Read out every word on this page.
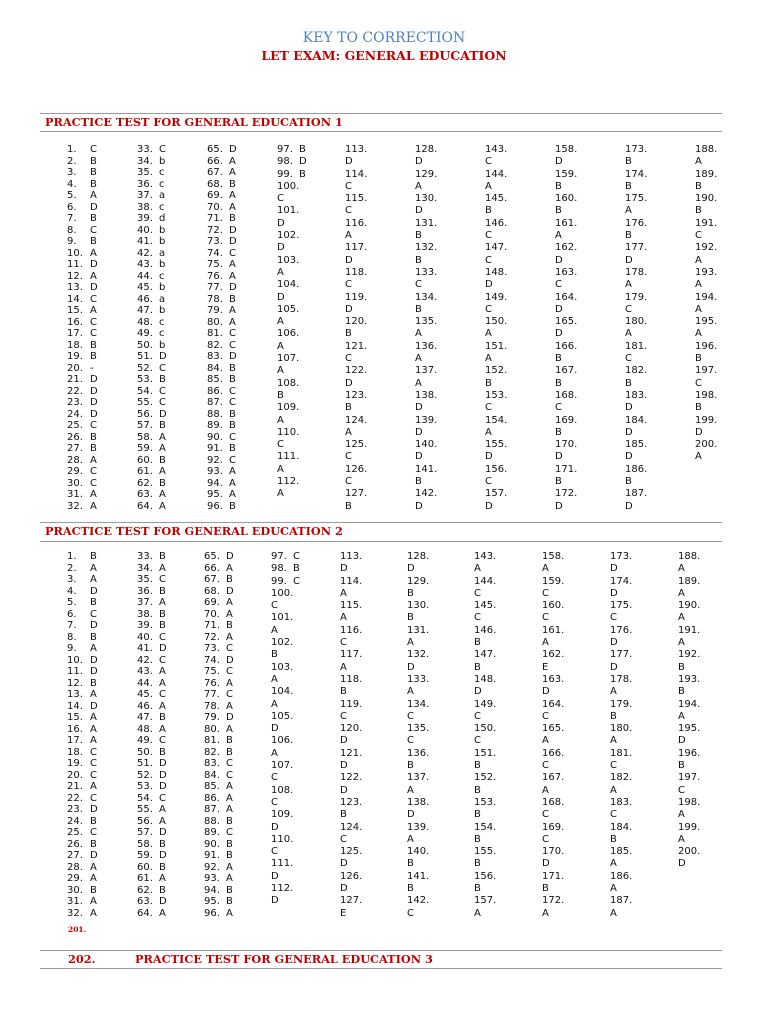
KEY TO CORRECTION
LET EXAM: GENERAL EDUCATION
PRACTICE TEST FOR GENERAL EDUCATION 1
1. C
2. B
3. B
4. B
5. A
6. D
7. B
8. C
9. B
10. A
11. D
12. A
13. D
14. C
15. A
16. C
17. C
18. B
19. B
20. -
21. D
22. D
23. D
24. D
25. C
26. B
27. B
28. A
29. C
30. C
31. A
32. A
33. C
34. b
35. c
36. c
37. a
38. c
39. d
40. b
41. b
42. a
43. b
44. c
45. b
46. a
47. b
48. c
49. c
50. b
51. D
52. C
53. B
54. C
55. C
56. D
57. B
58. A
59. A
60. B
61. A
62. B
63. A
64. A
65. D
66. A
67. A
68. B
69. A
70. A
71. B
72. D
73. D
74. C
75. A
76. A
77. D
78. B
79. A
80. A
81. C
82. C
83. D
84. B
85. B
86. C
87. C
88. B
89. B
90. C
91. B
92. C
93. A
94. A
95. A
96. B
97. B
98. D
99. B
100.
C
101.
D
102.
D
103.
A
104.
D
105.
A
106.
A
107.
A
108.
B
109.
A
110.
C
111.
A
112.
A
113.
D
114.
C
115.
C
116.
A
117.
D
118.
C
119.
D
120.
B
121.
C
122.
D
123.
B
124.
A
125.
C
126.
C
127.
B
128.
D
129.
A
130.
D
131.
B
132.
B
133.
C
134.
B
135.
A
136.
A
137.
A
138.
D
139.
D
140.
D
141.
B
142.
D
143.
C
144.
A
145.
B
146.
C
147.
C
148.
D
149.
C
150.
A
151.
A
152.
B
153.
C
154.
A
155.
D
156.
C
157.
D
158.
D
159.
B
160.
B
161.
A
162.
D
163.
C
164.
D
165.
D
166.
B
167.
B
168.
C
169.
B
170.
D
171.
B
172.
D
173.
B
174.
B
175.
A
176.
B
177.
D
178.
A
179.
C
180.
A
181.
C
182.
B
183.
D
184.
D
185.
D
186.
B
187.
D
188.
A
189.
B
190.
B
191.
C
192.
A
193.
A
194.
A
195.
A
196.
B
197.
C
198.
B
199.
D
200.
A
PRACTICE TEST FOR GENERAL EDUCATION 2
1. B
2. A
3. A
4. D
5. B
6. C
7. D
8. B
9. A
10. D
11. D
12. B
13. A
14. D
15. A
16. A
17. A
18. C
19. C
20. C
21. A
22. C
23. D
24. B
25. C
26. B
27. D
28. A
29. A
30. B
31. A
32. A
33. B
34. A
35. C
36. B
37. A
38. B
39. B
40. C
41. D
42. C
43. A
44. A
45. C
46. A
47. B
48. A
49. C
50. B
51. D
52. D
53. D
54. C
55. A
56. A
57. D
58. B
59. D
60. B
61. A
62. B
63. D
64. A
65. D
66. A
67. B
68. D
69. A
70. A
71. B
72. A
73. C
74. D
75. C
76. A
77. C
78. A
79. D
80. A
81. B
82. B
83. C
84. C
85. A
86. A
87. A
88. B
89. C
90. B
91. B
92. A
93. A
94. B
95. B
96. A
97. C
98. B
99. C
100.
C
101.
A
102.
B
103.
A
104.
A
105.
D
106.
A
107.
C
108.
C
109.
D
110.
C
111.
D
112.
D
113.
D
114.
A
115.
A
116.
C
117.
A
118.
B
119.
C
120.
D
121.
D
122.
D
123.
B
124.
C
125.
D
126.
D
127.
E
128.
D
129.
B
130.
B
131.
A
132.
D
133.
A
134.
C
135.
C
136.
B
137.
A
138.
D
139.
A
140.
B
141.
B
142.
C
143.
A
144.
C
145.
C
146.
B
147.
B
148.
D
149.
C
150.
C
151.
B
152.
B
153.
B
154.
B
155.
B
156.
B
157.
A
158.
A
159.
C
160.
C
161.
A
162.
E
163.
D
164.
C
165.
A
166.
C
167.
A
168.
C
169.
C
170.
D
171.
B
172.
A
173.
D
174.
D
175.
C
176.
D
177.
D
178.
A
179.
B
180.
A
181.
C
182.
A
183.
C
184.
B
185.
A
186.
A
187.
A
188.
A
189.
A
190.
A
191.
A
192.
B
193.
B
194.
A
195.
D
196.
B
197.
C
198.
A
199.
A
200.
D
201.
202.	PRACTICE TEST FOR GENERAL EDUCATION 3
